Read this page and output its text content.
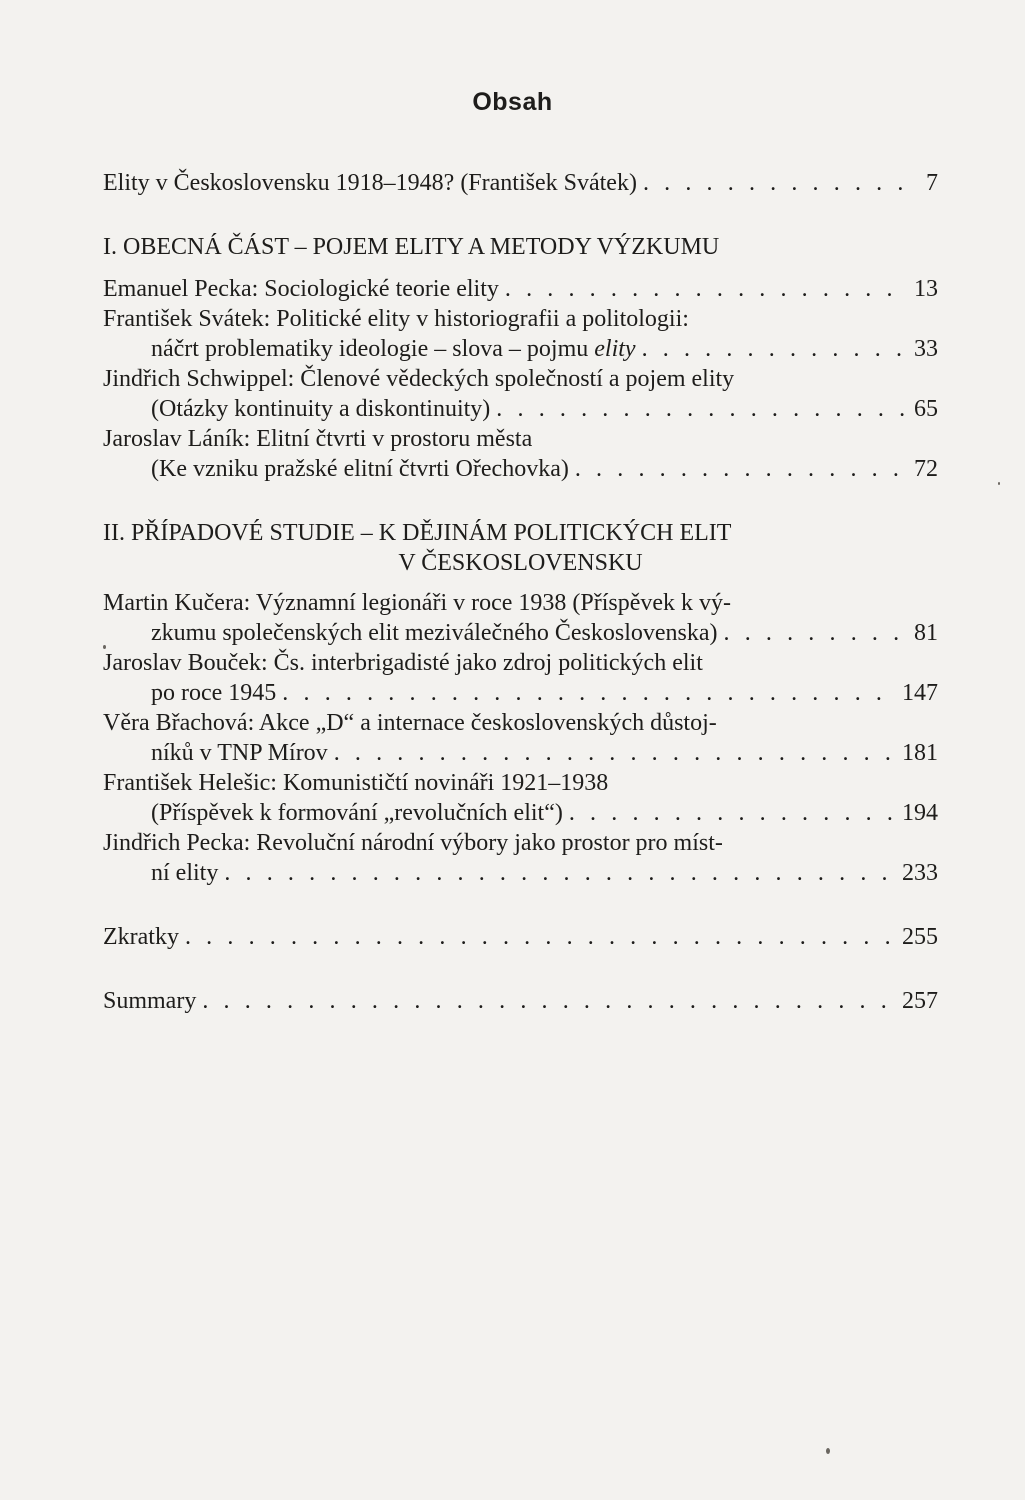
Obsah
Elity v Československu 1918–1948? (František Svátek) . . .	7
I. OBECNÁ ČÁST – POJEM ELITY A METODY VÝZKUMU
Emanuel Pecka: Sociologické teorie elity . . .	13
František Svátek: Politické elity v historiografii a politologii:
náčrt problematiky ideologie – slova – pojmu elity . . .	33
Jindřich Schwippel: Členové vědeckých společností a pojem elity
(Otázky kontinuity a diskontinuity) . . .	65
Jaroslav Láník: Elitní čtvrti v prostoru města
(Ke vzniku pražské elitní čtvrti Ořechovka) . . .	72
II. PŘÍPADOVÉ STUDIE – K DĚJINÁM POLITICKÝCH ELIT
V ČESKOSLOVENSKU
Martin Kučera: Významní legionáři v roce 1938 (Příspěvek k vý-
zkumu společenských elit meziválečného Československa) . . .	81
Jaroslav Bouček: Čs. interbrigadisté jako zdroj politických elit
po roce 1945 . . .	147
Věra Břachová: Akce „D“ a internace československých důstoj-
níků v TNP Mírov . . .	181
František Helešic: Komunističtí novináři 1921–1938
(Příspěvek k formování „revolučních elit“) . . .	194
Jindřich Pecka: Revoluční národní výbory jako prostor pro míst-
ní elity . . .	233
Zkratky . . .	255
Summary . . .	257
